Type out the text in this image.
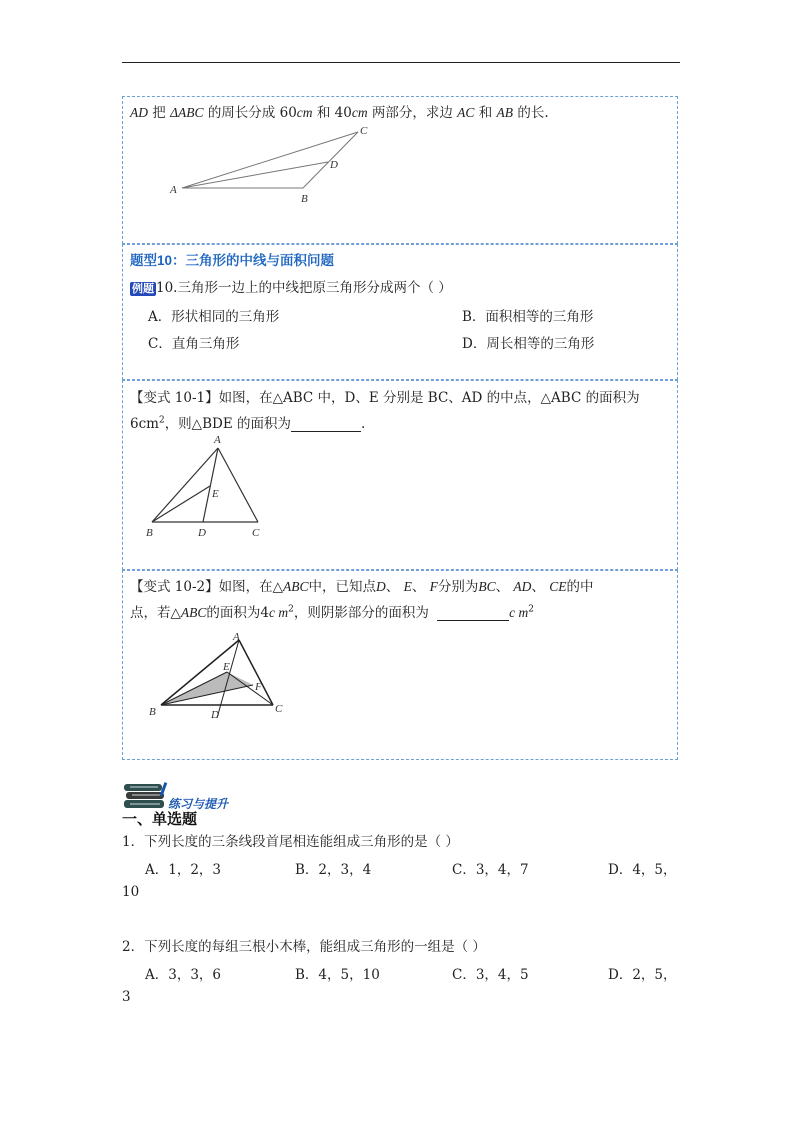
AD 把 ΔABC 的周长分成 60cm 和 40cm 两部分，求边 AC 和 AB 的长.
A
B
C
D
题型10：三角形的中线与面积问题
例题 10.三角形一边上的中线把原三角形分成两个（ ）
A．形状相同的三角形	B．面积相等的三角形
C．直角三角形	D．周长相等的三角形
【变式 10-1】如图，在△ABC 中，D、E 分别是 BC、AD 的中点，△ABC 的面积为
$6cm^2$，则△BDE 的面积为	.
A
B	C
D
E
【变式 10-2】如图，在△ABC中，已知点D、 E、 F分别为BC、 AD、 CE的中
点，若△ABC的面积为4c $m^2$，则阴影部分的面积为	c $m^2$
A
B	C
D
E
F
练习与提升
一、单选题
1．下列长度的三条线段首尾相连能组成三角形的是（ ）
A．1，2，3	B．2，3，4	C．3，4，7	D．4，5，
10
2．下列长度的每组三根小木棒，能组成三角形的一组是（ ）
A．3，3，6	B．4，5，10	C．3，4，5	D．2，5，
3
